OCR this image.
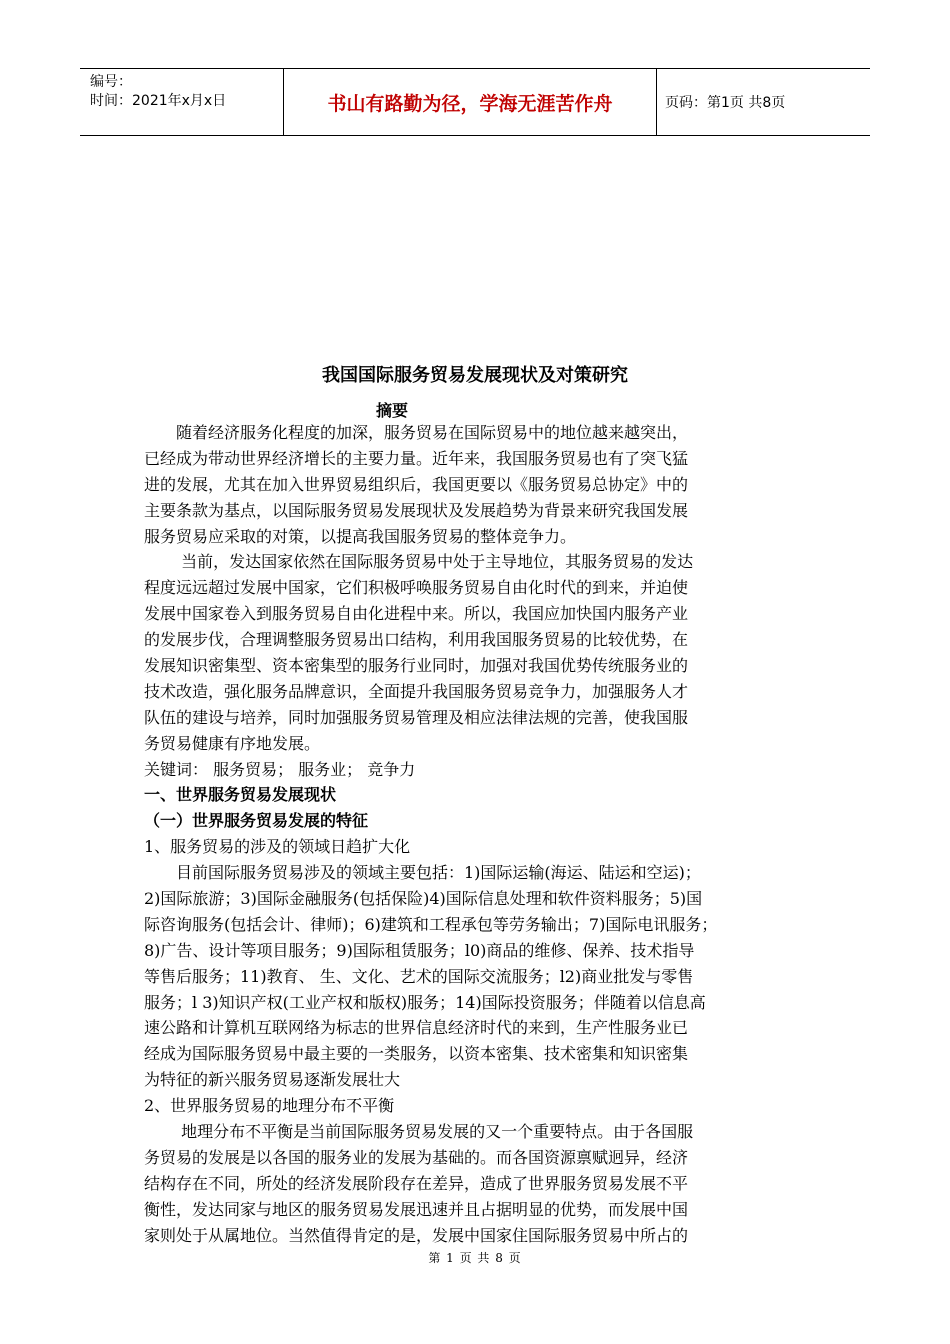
编号：
时间：2021年x月x日	书山有路勤为径，学海无涯苦作舟	页码：第1页 共8页
我国国际服务贸易发展现状及对策研究
摘要
　　随着经济服务化程度的加深，服务贸易在国际贸易中的地位越来越突出，
已经成为带动世界经济增长的主要力量。近年来，我国服务贸易也有了突飞猛
进的发展，尤其在加入世界贸易组织后，我国更要以《服务贸易总协定》中的
主要条款为基点，以国际服务贸易发展现状及发展趋势为背景来研究我国发展
服务贸易应采取的对策，以提高我国服务贸易的整体竞争力。
　　 当前，发达国家依然在国际服务贸易中处于主导地位，其服务贸易的发达
程度远远超过发展中国家，它们积极呼唤服务贸易自由化时代的到来，并迫使
发展中国家卷入到服务贸易自由化进程中来。所以，我国应加快国内服务产业
的发展步伐，合理调整服务贸易出口结构，利用我国服务贸易的比较优势，在
发展知识密集型、资本密集型的服务行业同时，加强对我国优势传统服务业的
技术改造，强化服务品牌意识，全面提升我国服务贸易竞争力，加强服务人才
队伍的建设与培养，同时加强服务贸易管理及相应法律法规的完善，使我国服
务贸易健康有序地发展。
关键词： 服务贸易； 服务业； 竞争力
一、世界服务贸易发展现状
（一）世界服务贸易发展的特征
1、服务贸易的涉及的领域日趋扩大化
　　目前国际服务贸易涉及的领域主要包括：1)国际运输(海运、陆运和空运)；
2)国际旅游；3)国际金融服务(包括保险)4)国际信息处理和软件资料服务；5)国
际咨询服务(包括会计、律师)；6)建筑和工程承包等劳务输出；7)国际电讯服务；
8)广告、设计等项目服务；9)国际租赁服务；l0)商品的维修、保养、技术指导
等售后服务；11)教育、 生、文化、艺术的国际交流服务；l2)商业批发与零售
服务；l 3)知识产权(工业产权和版权)服务；14)国际投资服务；伴随着以信息高
速公路和计算机互联网络为标志的世界信息经济时代的来到，生产性服务业已
经成为国际服务贸易中最主要的一类服务，以资本密集、技术密集和知识密集
为特征的新兴服务贸易逐渐发展壮大
2、世界服务贸易的地理分布不平衡
　　 地理分布不平衡是当前国际服务贸易发展的又一个重要特点。由于各国服
务贸易的发展是以各国的服务业的发展为基础的。而各国资源禀赋迥异，经济
结构存在不同，所处的经济发展阶段存在差异，造成了世界服务贸易发展不平
衡性，发达同家与地区的服务贸易发展迅速并且占据明显的优势，而发展中国
家则处于从属地位。当然值得肯定的是，发展中国家住国际服务贸易中所占的
第 1 页 共 8 页
